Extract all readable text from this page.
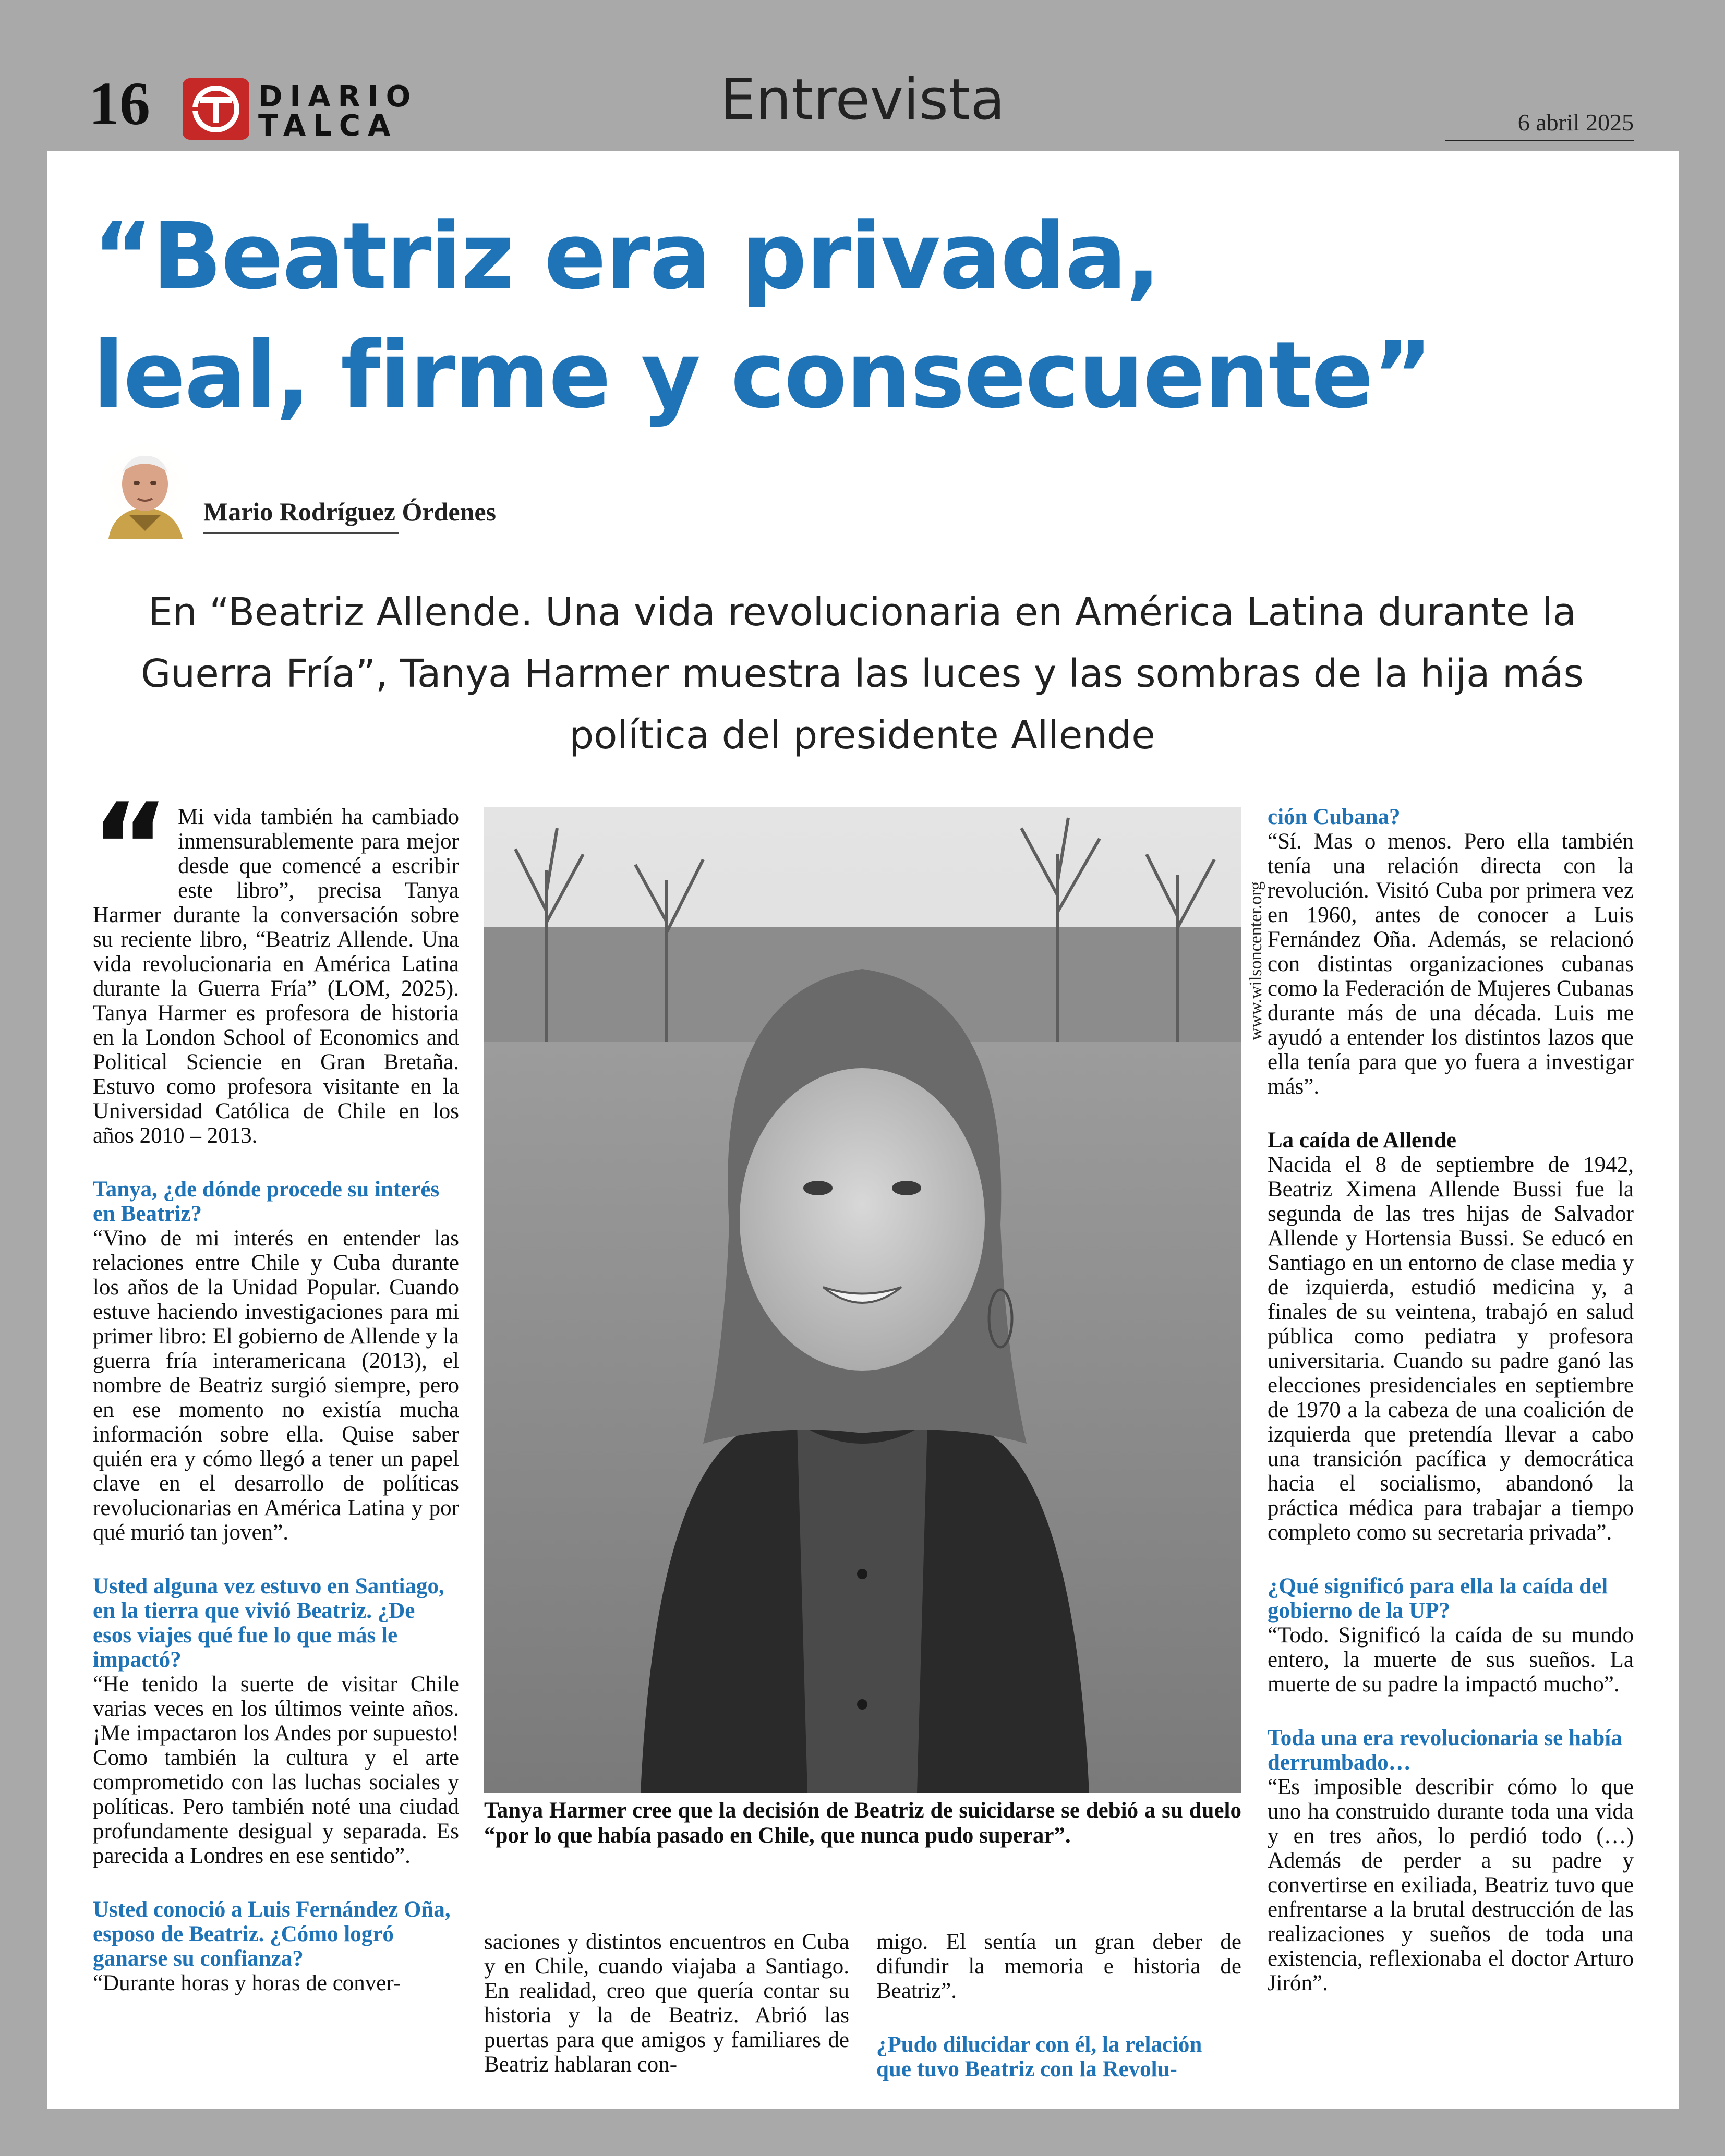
16	DIARIO
TALCA	Entrevista	6 abril 2025
“Beatriz era privada,
leal, firme y consecuente”
Mario Rodríguez Órdenes

En “Beatriz Allende. Una vida revolucionaria en América Latina durante la Guerra Fría”, Tanya Harmer muestra las luces y las sombras de la hija más política del presidente Allende

“ Mi vida también ha cambiado inmensurablemente para mejor desde que comencé a escribir este libro”, precisa Tanya Harmer durante la conversación sobre su reciente libro, “Beatriz Allende. Una vida revolucionaria en América Latina durante la Guerra Fría” (LOM, 2025). Tanya Harmer es profesora de historia en la London School of Economics and Political Sciencie en Gran Bretaña. Estuvo como profesora visitante en la Universidad Católica de Chile en los años 2010 – 2013.

Tanya, ¿de dónde procede su interés en Beatriz?

“Vino de mi interés en entender las relaciones entre Chile y Cuba durante los años de la Unidad Popular. Cuando estuve haciendo investigaciones para mi primer libro: El gobierno de Allende y la guerra fría interamericana (2013), el nombre de Beatriz surgió siempre, pero en ese momento no existía mucha información sobre ella. Quise saber quién era y cómo llegó a tener un papel clave en el desarrollo de políticas revolucionarias en América Latina y por qué murió tan joven”.

Usted alguna vez estuvo en Santiago, en la tierra que vivió Beatriz. ¿De esos viajes qué fue lo que más le impactó?

“He tenido la suerte de visitar Chile varias veces en los últimos veinte años. ¡Me impactaron los Andes por supuesto! Como también la cultura y el arte comprometido con las luchas sociales y políticas. Pero también noté una ciudad profundamente desigual y separada. Es parecida a Londres en ese sentido”.

Usted conoció a Luis Fernández Oña, esposo de Beatriz. ¿Cómo logró ganarse su confianza?

“Durante horas y horas de conver-

www.wilsoncenter.org

Tanya Harmer cree que la decisión de Beatriz de suicidarse se debió a su duelo “por lo que había pasado en Chile, que nunca pudo superar”.

saciones y distintos encuentros en Cuba y en Chile, cuando viajaba a Santiago. En realidad, creo que quería contar su historia y la de Beatriz. Abrió las puertas para que amigos y familiares de Beatriz hablaran con-

migo. El sentía un gran deber de difundir la memoria e historia de Beatriz”.

¿Pudo dilucidar con él, la relación que tuvo Beatriz con la Revolu-

ción Cubana?

“Sí. Mas o menos. Pero ella también tenía una relación directa con la revolución. Visitó Cuba por primera vez en 1960, antes de conocer a Luis Fernández Oña. Además, se relacionó con distintas organizaciones cubanas como la Federación de Mujeres Cubanas durante más de una década. Luis me ayudó a entender los distintos lazos que ella tenía para que yo fuera a investigar más”.

La caída de Allende

Nacida el 8 de septiembre de 1942, Beatriz Ximena Allende Bussi fue la segunda de las tres hijas de Salvador Allende y Hortensia Bussi. Se educó en Santiago en un entorno de clase media y de izquierda, estudió medicina y, a finales de su veintena, trabajó en salud pública como pediatra y profesora universitaria. Cuando su padre ganó las elecciones presidenciales en septiembre de 1970 a la cabeza de una coalición de izquierda que pretendía llevar a cabo una transición pacífica y democrática hacia el socialismo, abandonó la práctica médica para trabajar a tiempo completo como su secretaria privada”.

¿Qué significó para ella la caída del gobierno de la UP?

“Todo. Significó la caída de su mundo entero, la muerte de sus sueños. La muerte de su padre la impactó mucho”.

Toda una era revolucionaria se había derrumbado…

“Es imposible describir cómo lo que uno ha construido durante toda una vida y en tres años, lo perdió todo (…) Además de perder a su padre y convertirse en exiliada, Beatriz tuvo que enfrentarse a la brutal destrucción de las realizaciones y sueños de toda una existencia, reflexionaba el doctor Arturo Jirón”.
